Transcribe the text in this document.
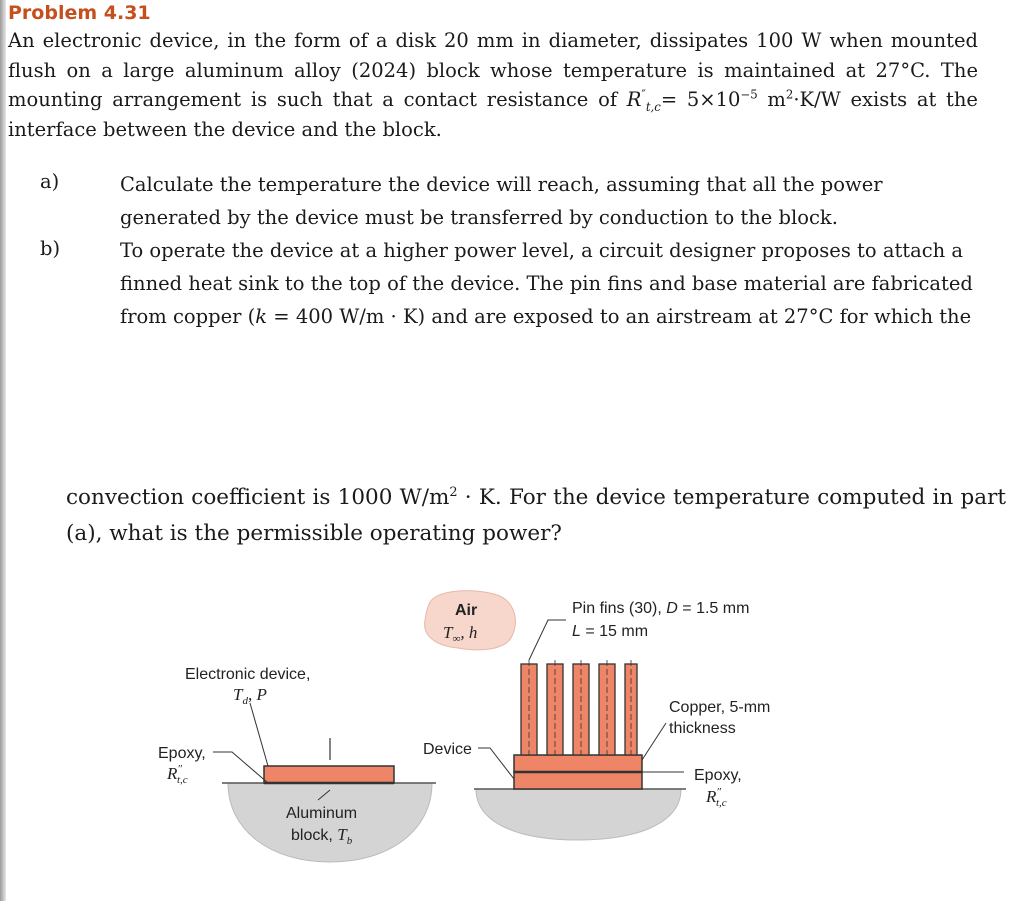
Problem 4.31
An electronic device, in the form of a disk 20 mm in diameter, dissipates 100 W when mounted flush on a large aluminum alloy (2024) block whose temperature is maintained at 27°C. The mounting arrangement is such that a contact resistance of $R''_{t,c}= 5\times 10^{-5}$ $m^2\cdot K/W$ exists at the interface between the device and the block.
a)	Calculate the temperature the device will reach, assuming that all the power generated by the device must be transferred by conduction to the block.
b)	To operate the device at a higher power level, a circuit designer proposes to attach a finned heat sink to the top of the device. The pin fins and base material are fabricated from copper (k = 400 W/m · K) and are exposed to an airstream at 27°C for which the
convection coefficient is 1000 $W/m^2 \cdot K$. For the device temperature computed in part (a), what is the permissible operating power?
Electronic device,
$T_d$, P
Epoxy,
R″ t,c
Aluminum
block, $T_b$
Air
$T_\infty$, h
Pin fins (30), D = 1.5 mm
L = 15 mm
Copper, 5-mm
thickness
Device
Epoxy,
R″ t,c
